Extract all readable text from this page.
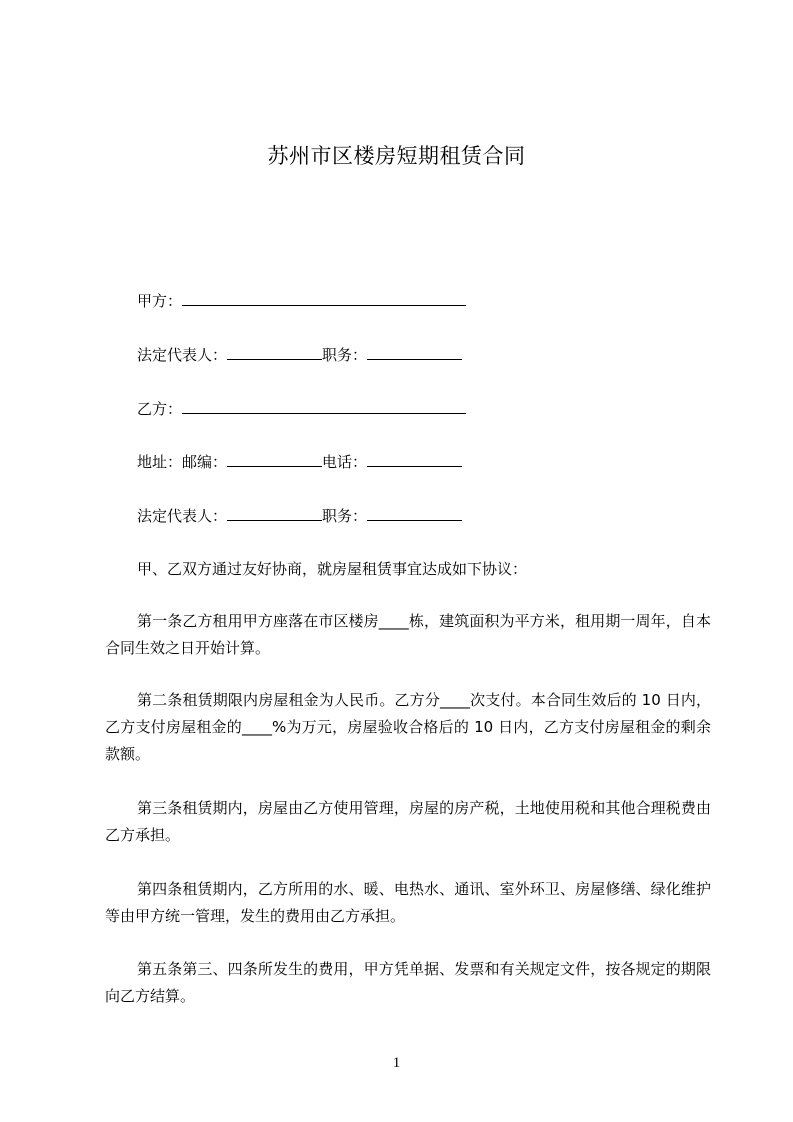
苏州市区楼房短期租赁合同
甲方：
法定代表人：	职务：
乙方：
地址：邮编：	电话：
法定代表人：	职务：
甲、乙双方通过友好协商，就房屋租赁事宜达成如下协议：
第一条乙方租用甲方座落在市区楼房____栋，建筑面积为平方米，租用期一周年，自本合同生效之日开始计算。
第二条租赁期限内房屋租金为人民币。乙方分____次支付。本合同生效后的 10 日内，乙方支付房屋租金的____%为万元，房屋验收合格后的 10 日内，乙方支付房屋租金的剩余款额。
第三条租赁期内，房屋由乙方使用管理，房屋的房产税，土地使用税和其他合理税费由乙方承担。
第四条租赁期内，乙方所用的水、暖、电热水、通讯、室外环卫、房屋修缮、绿化维护等由甲方统一管理，发生的费用由乙方承担。
第五条第三、四条所发生的费用，甲方凭单据、发票和有关规定文件，按各规定的期限向乙方结算。
1
